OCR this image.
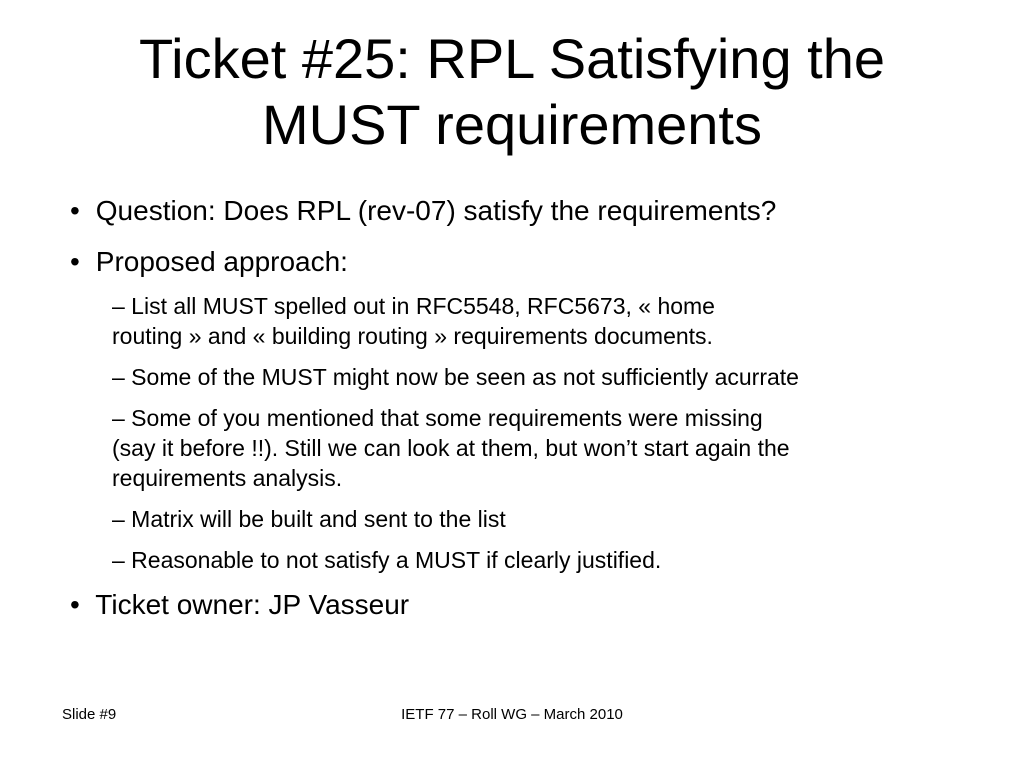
Ticket #25: RPL Satisfying the
MUST requirements

• Question: Does RPL (rev-07) satisfy the requirements?

• Proposed approach:

– List all MUST spelled out in RFC5548, RFC5673, « home
routing » and « building routing » requirements documents.
– Some of the MUST might now be seen as not sufficiently acurrate
– Some of you mentioned that some requirements were missing
(say it before !!). Still we can look at them, but won’t start again the
requirements analysis.
– Matrix will be built and sent to the list
– Reasonable to not satisfy a MUST if clearly justified.

• Ticket owner: JP Vasseur

Slide #9	IETF 77 – Roll WG – March 2010
